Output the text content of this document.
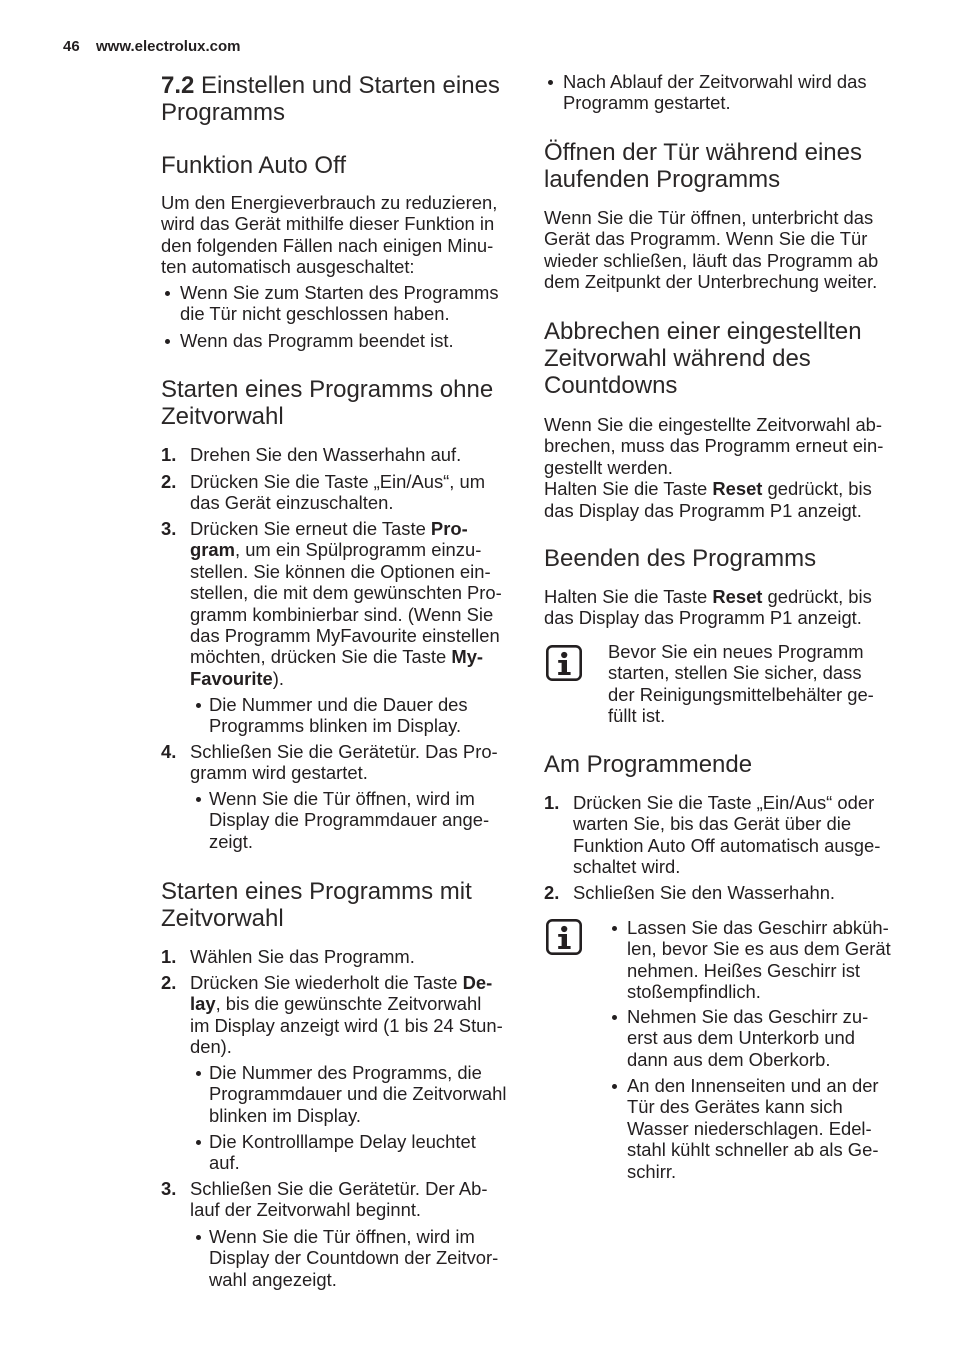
46 www.electrolux.com
7.2 Einstellen und Starten eines
Programms
Funktion Auto Off
Um den Energieverbrauch zu reduzieren,
wird das Gerät mithilfe dieser Funktion in
den folgenden Fällen nach einigen Minu-
ten automatisch ausgeschaltet:
Wenn Sie zum Starten des Programms
die Tür nicht geschlossen haben.
Wenn das Programm beendet ist.
Starten eines Programms ohne
Zeitvorwahl
1. Drehen Sie den Wasserhahn auf.
2. Drücken Sie die Taste „Ein/Aus“, um
das Gerät einzuschalten.
3. Drücken Sie erneut die Taste Pro-
gram, um ein Spülprogramm einzu-
stellen. Sie können die Optionen ein-
stellen, die mit dem gewünschten Pro-
gramm kombinierbar sind. (Wenn Sie
das Programm MyFavourite einstellen
möchten, drücken Sie die Taste My-
Favourite).
Die Nummer und die Dauer des
Programms blinken im Display.
4. Schließen Sie die Gerätetür. Das Pro-
gramm wird gestartet.
Wenn Sie die Tür öffnen, wird im
Display die Programmdauer ange-
zeigt.
Starten eines Programms mit
Zeitvorwahl
1. Wählen Sie das Programm.
2. Drücken Sie wiederholt die Taste De-
lay, bis die gewünschte Zeitvorwahl
im Display anzeigt wird (1 bis 24 Stun-
den).
Die Nummer des Programms, die
Programmdauer und die Zeitvorwahl
blinken im Display.
Die Kontrolllampe Delay leuchtet
auf.
3. Schließen Sie die Gerätetür. Der Ab-
lauf der Zeitvorwahl beginnt.
Wenn Sie die Tür öffnen, wird im
Display der Countdown der Zeitvor-
wahl angezeigt.
Nach Ablauf der Zeitvorwahl wird das
Programm gestartet.
Öffnen der Tür während eines
laufenden Programms
Wenn Sie die Tür öffnen, unterbricht das
Gerät das Programm. Wenn Sie die Tür
wieder schließen, läuft das Programm ab
dem Zeitpunkt der Unterbrechung weiter.
Abbrechen einer eingestellten
Zeitvorwahl während des
Countdowns
Wenn Sie die eingestellte Zeitvorwahl ab-
brechen, muss das Programm erneut ein-
gestellt werden.
Halten Sie die Taste Reset gedrückt, bis
das Display das Programm P1 anzeigt.
Beenden des Programms
Halten Sie die Taste Reset gedrückt, bis
das Display das Programm P1 anzeigt.
Bevor Sie ein neues Programm
starten, stellen Sie sicher, dass
der Reinigungsmittelbehälter ge-
füllt ist.
Am Programmende
1. Drücken Sie die Taste „Ein/Aus“ oder
warten Sie, bis das Gerät über die
Funktion Auto Off automatisch ausge-
schaltet wird.
2. Schließen Sie den Wasserhahn.
Lassen Sie das Geschirr abküh-
len, bevor Sie es aus dem Gerät
nehmen. Heißes Geschirr ist
stoßempfindlich.
Nehmen Sie das Geschirr zu-
erst aus dem Unterkorb und
dann aus dem Oberkorb.
An den Innenseiten und an der
Tür des Gerätes kann sich
Wasser niederschlagen. Edel-
stahl kühlt schneller ab als Ge-
schirr.
